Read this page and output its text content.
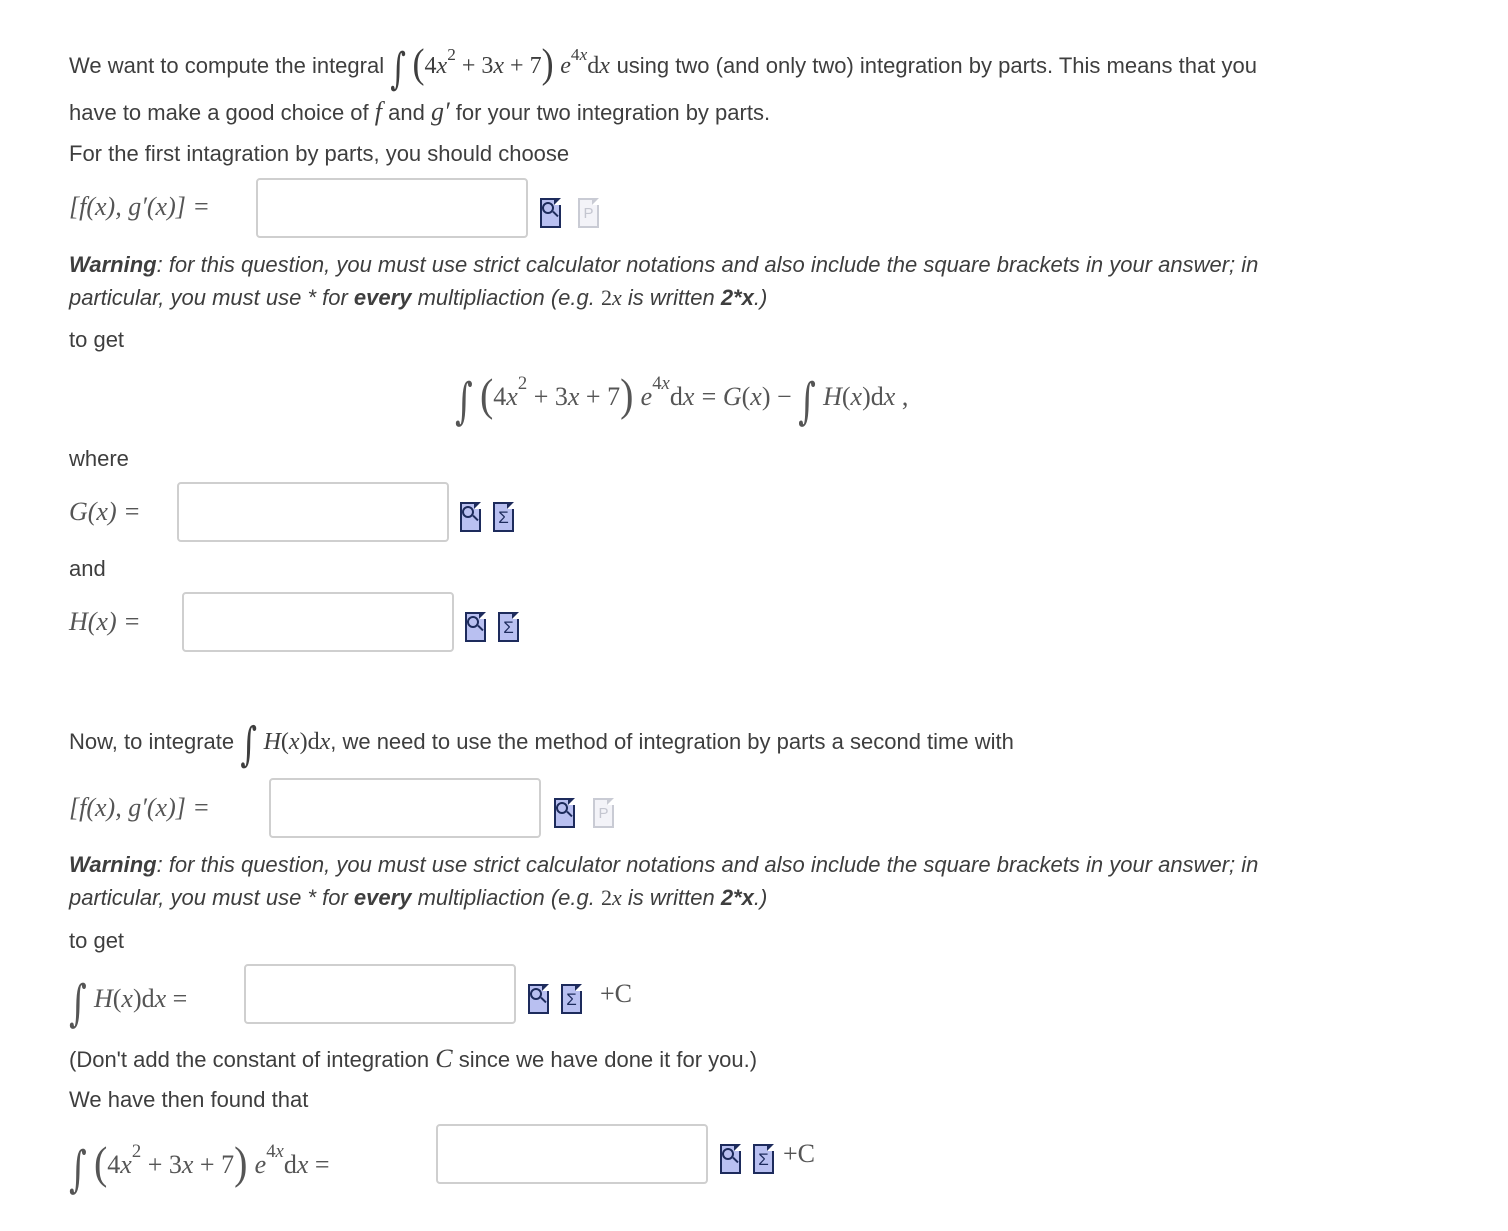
We want to compute the integral ∫ $(4x^2 + 3x + 7)$ $e^{4x}dx$ using two (and only two) integration by parts. This means that you
have to make a good choice of f and g′ for your two integration by parts.
For the first intagration by parts, you should choose
[f(x), g′(x)] =	P
Warning: for this question, you must use strict calculator notations and also include the square brackets in your answer; in
particular, you must use * for every multipliaction (e.g. 2x is written 2*x.)
to get
∫ $(4x^2 + 3x + 7) e^{4x}dx = G(x)$ − ∫ H(x)dx ,
where
G(x) =	Σ
and
H(x) =	Σ
Now, to integrate ∫ H(x)dx, we need to use the method of integration by parts a second time with
[f(x), g′(x)] =	P
Warning: for this question, you must use strict calculator notations and also include the square brackets in your answer; in
particular, you must use * for every multipliaction (e.g. 2x is written 2*x.)
to get
∫ H(x)dx =	Σ +C
(Don't add the constant of integration C since we have done it for you.)
We have then found that
∫ $(4x^2 + 3x + 7) e^{4x}dx$ =	Σ +C
